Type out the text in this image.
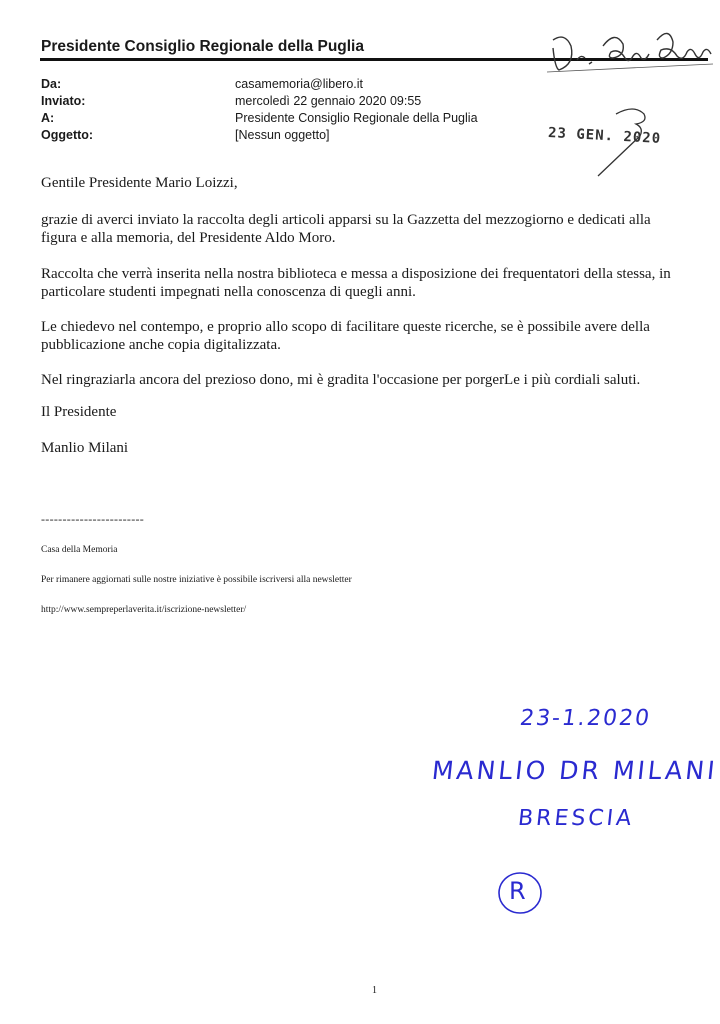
Presidente Consiglio Regionale della Puglia
Da:	casamemoria@libero.it
Inviato:	mercoledì 22 gennaio 2020 09:55
A:	Presidente Consiglio Regionale della Puglia
Oggetto:	[Nessun oggetto]	23 GEN. 2020
Gentile Presidente Mario Loizzi,
grazie di averci inviato la raccolta degli articoli apparsi su la Gazzetta del mezzogiorno e dedicati alla figura e alla memoria, del Presidente Aldo Moro.
Raccolta che verrà inserita nella nostra biblioteca e messa a disposizione dei frequentatori della stessa, in particolare studenti impegnati nella conoscenza di quegli anni.
Le chiedevo nel contempo, e proprio allo scopo di facilitare queste ricerche, se è possibile avere della pubblicazione anche copia digitalizzata.
Nel ringraziarla ancora del prezioso dono, mi è gradita l'occasione per porgerLe i più cordiali saluti.
Il Presidente
Manlio Milani
------------------------
Casa della Memoria
Per rimanere aggiornati sulle nostre iniziative è possibile iscriversi alla newsletter
http://www.sempreperlaverita.it/iscrizione-newsletter/
23-1.2020
MANLIO DR MILANI
BRESCIA
R
1
